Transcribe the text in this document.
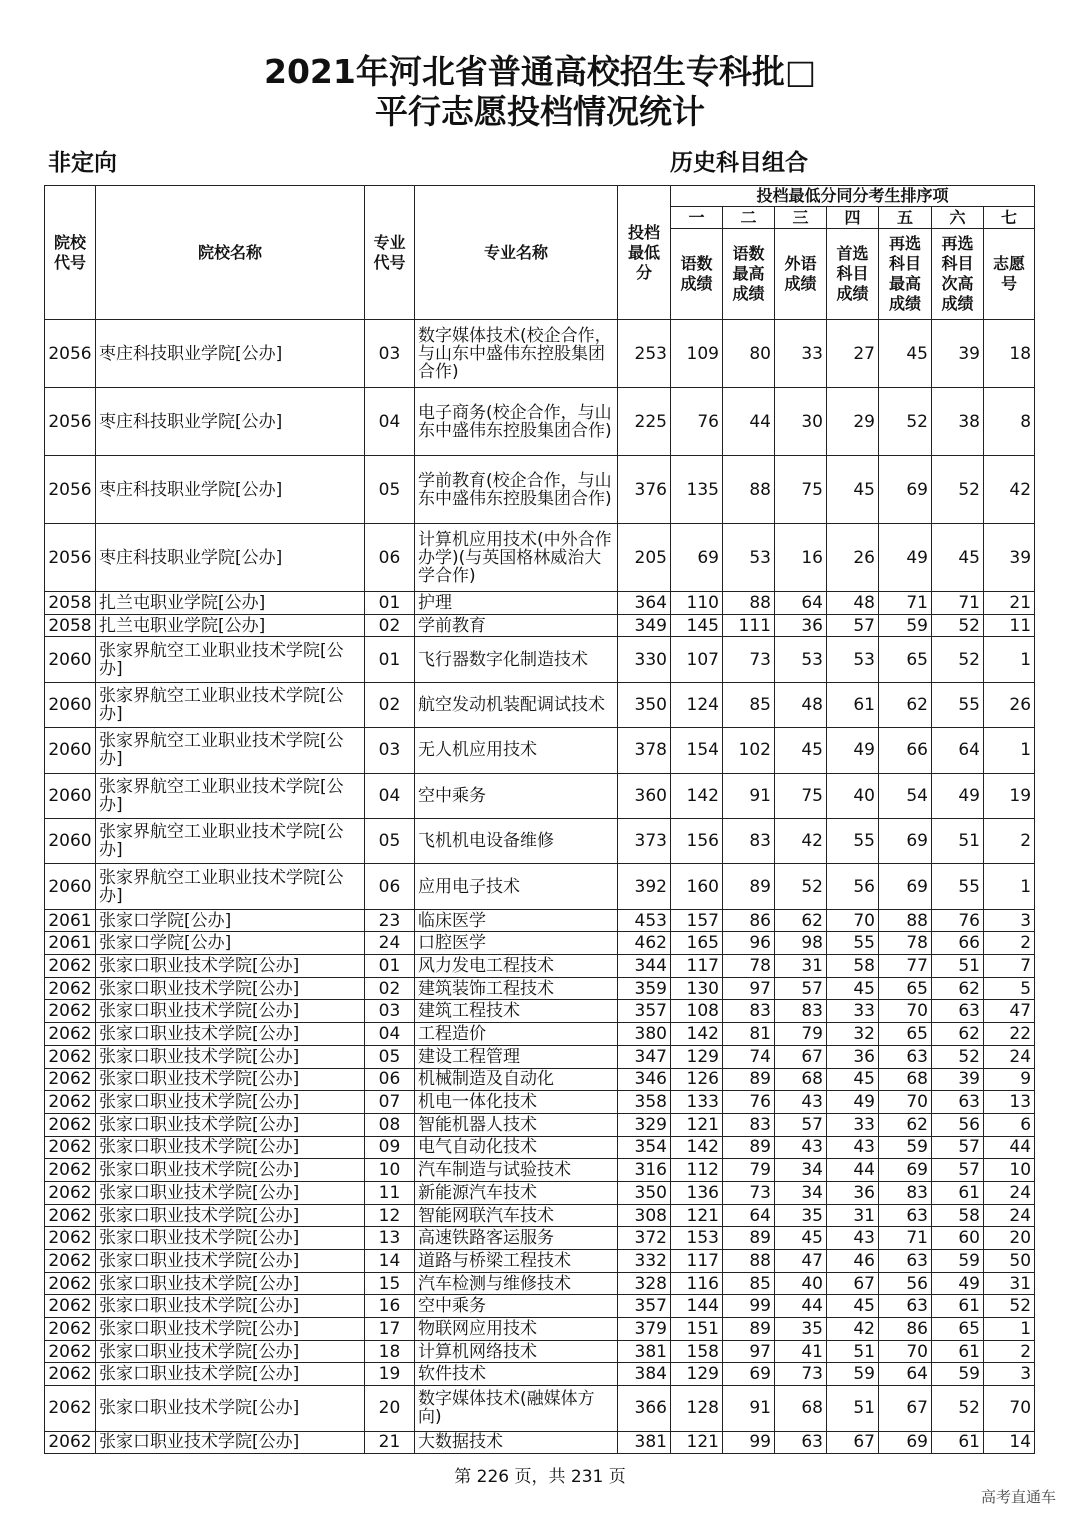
2021年河北省普通高校招生专科批□
平行志愿投档情况统计
非定向	历史科目组合
院校代号	院校名称	专业代号	专业名称	投档最低分	投档最低分同分考生排序项						
					一	二	三	四	五	六	七
					语数成绩	语数最高成绩	外语成绩	首选科目成绩	再选科目最高成绩	再选科目次高成绩	志愿号
2056	枣庄科技职业学院[公办]	03	数字媒体技术(校企合作，与山东中盛伟东控股集团合作)	253	109	80	33	27	45	39	18
2056	枣庄科技职业学院[公办]	04	电子商务(校企合作，与山东中盛伟东控股集团合作)	225	76	44	30	29	52	38	8
2056	枣庄科技职业学院[公办]	05	学前教育(校企合作，与山东中盛伟东控股集团合作)	376	135	88	75	45	69	52	42
2056	枣庄科技职业学院[公办]	06	计算机应用技术(中外合作办学)(与英国格林威治大学合作)	205	69	53	16	26	49	45	39
2058	扎兰屯职业学院[公办]	01	护理	364	110	88	64	48	71	71	21
2058	扎兰屯职业学院[公办]	02	学前教育	349	145	111	36	57	59	52	11
2060	张家界航空工业职业技术学院[公办]	01	飞行器数字化制造技术	330	107	73	53	53	65	52	1
2060	张家界航空工业职业技术学院[公办]	02	航空发动机装配调试技术	350	124	85	48	61	62	55	26
2060	张家界航空工业职业技术学院[公办]	03	无人机应用技术	378	154	102	45	49	66	64	1
2060	张家界航空工业职业技术学院[公办]	04	空中乘务	360	142	91	75	40	54	49	19
2060	张家界航空工业职业技术学院[公办]	05	飞机机电设备维修	373	156	83	42	55	69	51	2
2060	张家界航空工业职业技术学院[公办]	06	应用电子技术	392	160	89	52	56	69	55	1
2061	张家口学院[公办]	23	临床医学	453	157	86	62	70	88	76	3
2061	张家口学院[公办]	24	口腔医学	462	165	96	98	55	78	66	2
2062	张家口职业技术学院[公办]	01	风力发电工程技术	344	117	78	31	58	77	51	7
2062	张家口职业技术学院[公办]	02	建筑装饰工程技术	359	130	97	57	45	65	62	5
2062	张家口职业技术学院[公办]	03	建筑工程技术	357	108	83	83	33	70	63	47
2062	张家口职业技术学院[公办]	04	工程造价	380	142	81	79	32	65	62	22
2062	张家口职业技术学院[公办]	05	建设工程管理	347	129	74	67	36	63	52	24
2062	张家口职业技术学院[公办]	06	机械制造及自动化	346	126	89	68	45	68	39	9
2062	张家口职业技术学院[公办]	07	机电一体化技术	358	133	76	43	49	70	63	13
2062	张家口职业技术学院[公办]	08	智能机器人技术	329	121	83	57	33	62	56	6
2062	张家口职业技术学院[公办]	09	电气自动化技术	354	142	89	43	43	59	57	44
2062	张家口职业技术学院[公办]	10	汽车制造与试验技术	316	112	79	34	44	69	57	10
2062	张家口职业技术学院[公办]	11	新能源汽车技术	350	136	73	34	36	83	61	24
2062	张家口职业技术学院[公办]	12	智能网联汽车技术	308	121	64	35	31	63	58	24
2062	张家口职业技术学院[公办]	13	高速铁路客运服务	372	153	89	45	43	71	60	20
2062	张家口职业技术学院[公办]	14	道路与桥梁工程技术	332	117	88	47	46	63	59	50
2062	张家口职业技术学院[公办]	15	汽车检测与维修技术	328	116	85	40	67	56	49	31
2062	张家口职业技术学院[公办]	16	空中乘务	357	144	99	44	45	63	61	52
2062	张家口职业技术学院[公办]	17	物联网应用技术	379	151	89	35	42	86	65	1
2062	张家口职业技术学院[公办]	18	计算机网络技术	381	158	97	41	51	70	61	2
2062	张家口职业技术学院[公办]	19	软件技术	384	129	69	73	59	64	59	3
2062	张家口职业技术学院[公办]	20	数字媒体技术(融媒体方向)	366	128	91	68	51	67	52	70
2062	张家口职业技术学院[公办]	21	大数据技术	381	121	99	63	67	69	61	14
第 226 页，共 231 页
高考直通车
